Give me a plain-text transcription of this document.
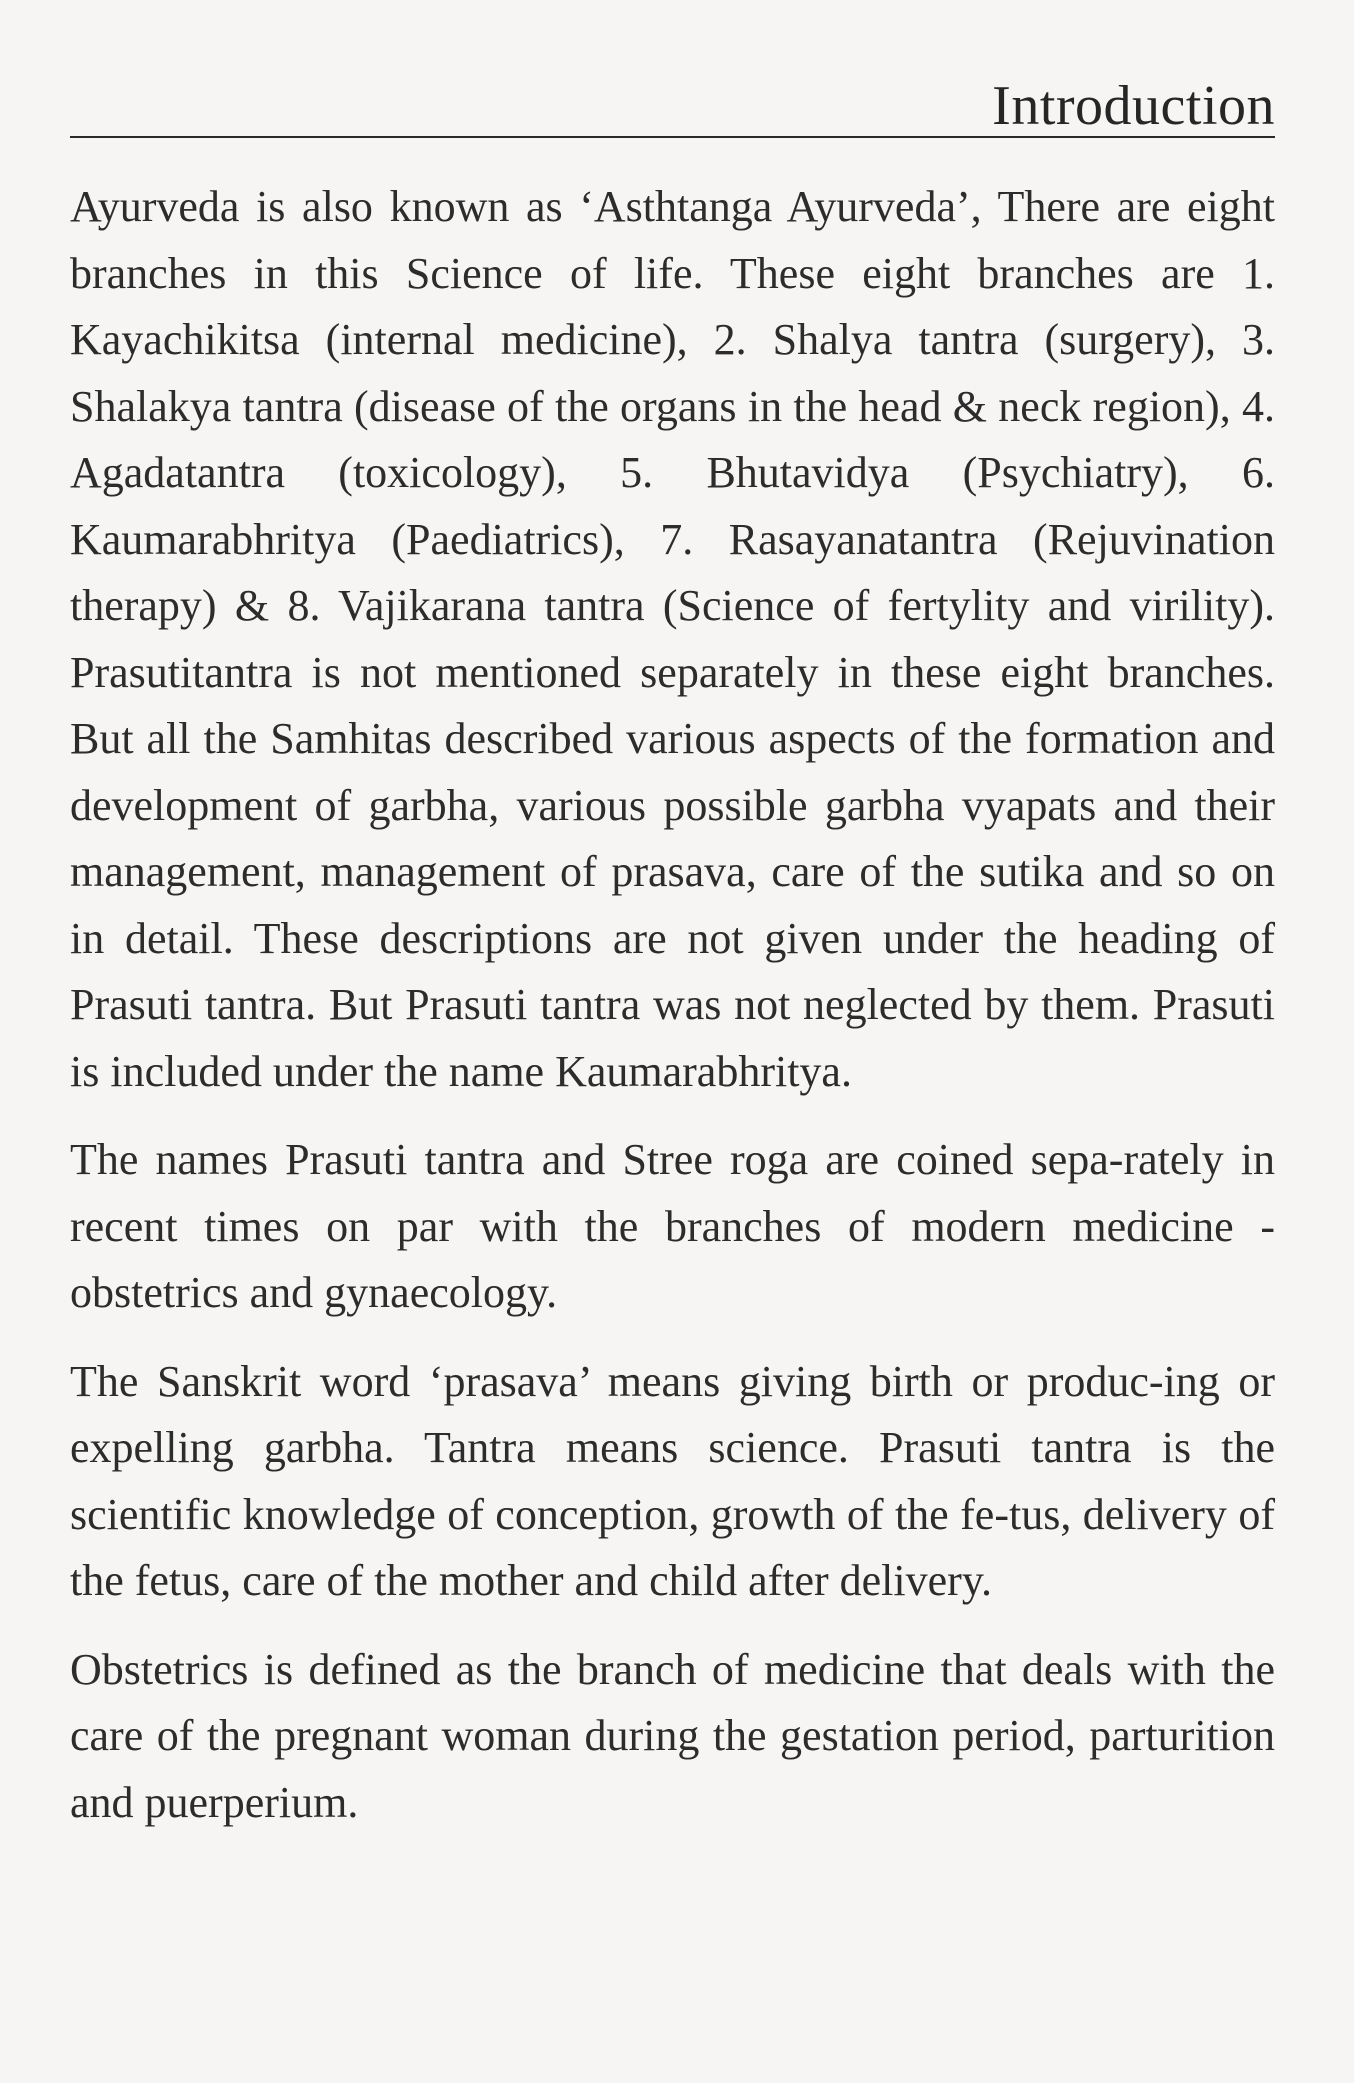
Introduction

Ayurveda is also known as ‘Asthtanga Ayurveda’, There are eight branches in this Science of life. These eight branches are 1. Kayachikitsa (internal medicine), 2. Shalya tantra (surgery), 3. Shalakya tantra (disease of the organs in the head & neck region), 4. Agadatantra (toxicology), 5. Bhutavidya (Psychiatry), 6. Kaumarabhritya (Paediatrics), 7. Rasayanatantra (Rejuvination therapy) & 8. Vajikarana tantra (Science of fertylity and virility). Prasutitantra is not mentioned separately in these eight branches. But all the Samhitas described various aspects of the formation and development of garbha, various possible garbha vyapats and their management, management of prasava, care of the sutika and so on in detail. These descriptions are not given under the heading of Prasuti tantra. But Prasuti tantra was not neglected by them. Prasuti is included under the name Kaumarabhritya.

The names Prasuti tantra and Stree roga are coined sepa-rately in recent times on par with the branches of modern medicine - obstetrics and gynaecology.

The Sanskrit word ‘prasava’ means giving birth or produc-ing or expelling garbha. Tantra means science. Prasuti tantra is the scientific knowledge of conception, growth of the fe-tus, delivery of the fetus, care of the mother and child after delivery.

Obstetrics is defined as the branch of medicine that deals with the care of the pregnant woman during the gestation period, parturition and puerperium.
